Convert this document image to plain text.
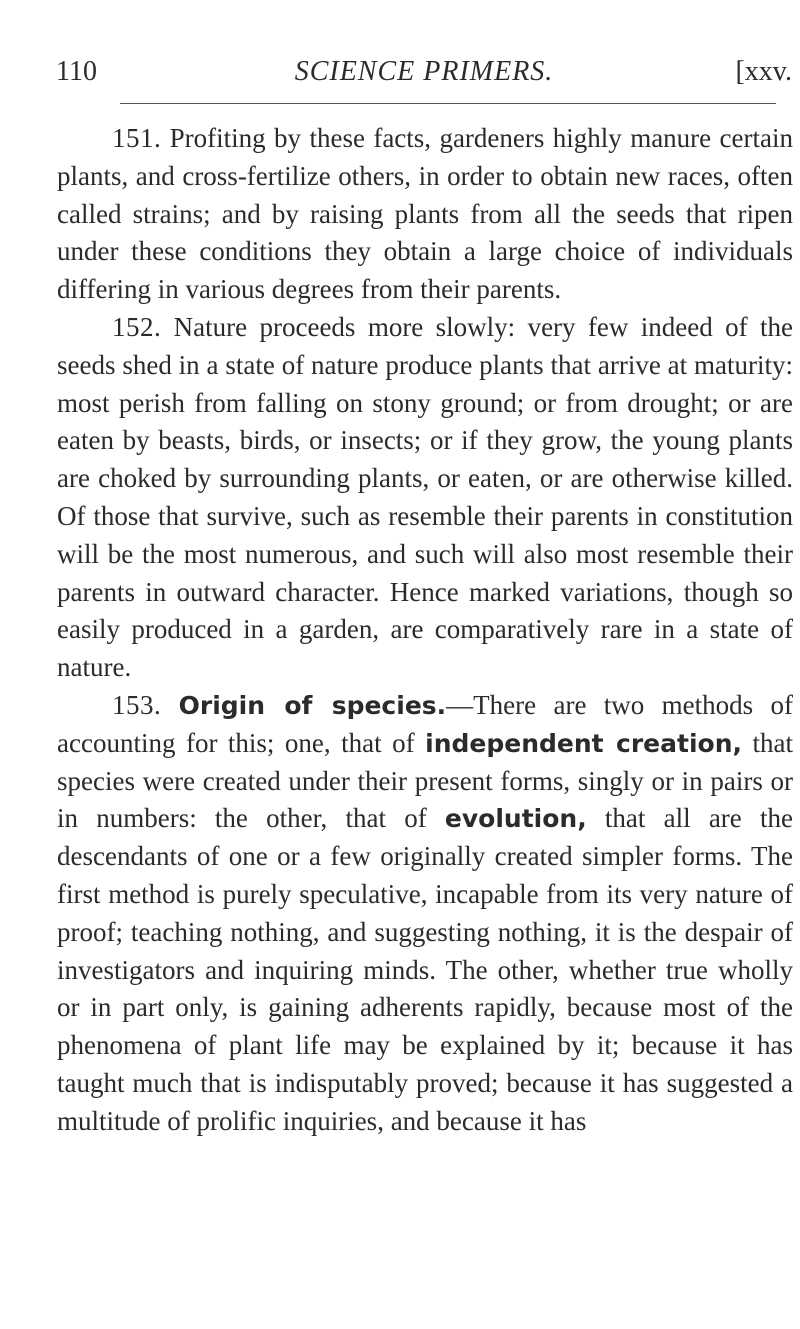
110	SCIENCE PRIMERS.	[xxv.

151. Profiting by these facts, gardeners highly manure certain plants, and cross-fertilize others, in order to obtain new races, often called strains; and by raising plants from all the seeds that ripen under these conditions they obtain a large choice of individuals differing in various degrees from their parents.

152. Nature proceeds more slowly: very few indeed of the seeds shed in a state of nature produce plants that arrive at maturity: most perish from falling on stony ground; or from drought; or are eaten by beasts, birds, or insects; or if they grow, the young plants are choked by surrounding plants, or eaten, or are otherwise killed. Of those that survive, such as resemble their parents in constitution will be the most numerous, and such will also most resemble their parents in outward character. Hence marked variations, though so easily produced in a garden, are comparatively rare in a state of nature.

153. Origin of species.—There are two methods of accounting for this; one, that of independent creation, that species were created under their present forms, singly or in pairs or in numbers: the other, that of evolution, that all are the descendants of one or a few originally created simpler forms. The first method is purely speculative, incapable from its very nature of proof; teaching nothing, and suggesting nothing, it is the despair of investigators and inquiring minds. The other, whether true wholly or in part only, is gaining adherents rapidly, because most of the phenomena of plant life may be explained by it; because it has taught much that is indisputably proved; because it has suggested a multitude of prolific inquiries, and because it has
